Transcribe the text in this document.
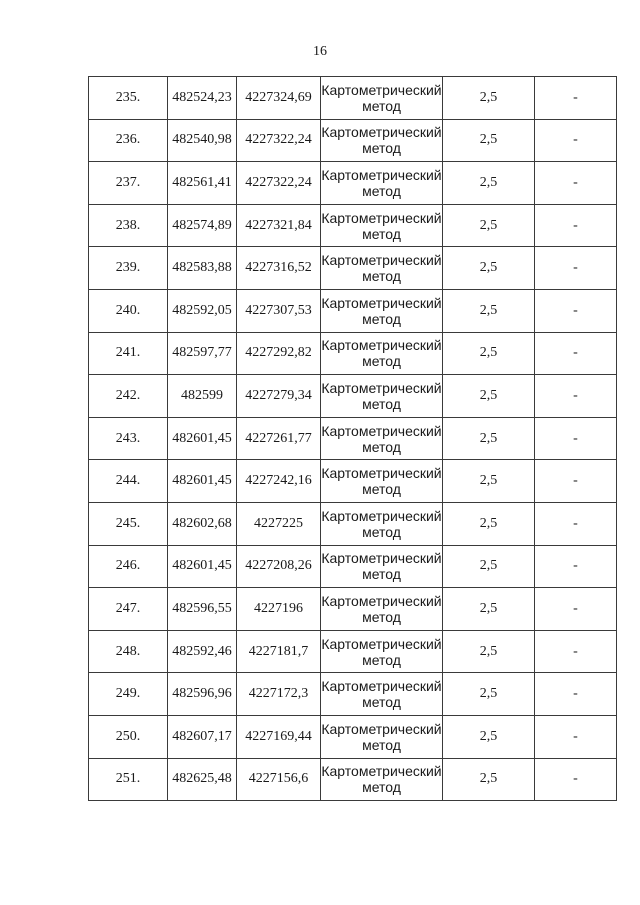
16
235.	482524,23	4227324,69	Картометрический метод	2,5	-
236.	482540,98	4227322,24	Картометрический метод	2,5	-
237.	482561,41	4227322,24	Картометрический метод	2,5	-
238.	482574,89	4227321,84	Картометрический метод	2,5	-
239.	482583,88	4227316,52	Картометрический метод	2,5	-
240.	482592,05	4227307,53	Картометрический метод	2,5	-
241.	482597,77	4227292,82	Картометрический метод	2,5	-
242.	482599	4227279,34	Картометрический метод	2,5	-
243.	482601,45	4227261,77	Картометрический метод	2,5	-
244.	482601,45	4227242,16	Картометрический метод	2,5	-
245.	482602,68	4227225	Картометрический метод	2,5	-
246.	482601,45	4227208,26	Картометрический метод	2,5	-
247.	482596,55	4227196	Картометрический метод	2,5	-
248.	482592,46	4227181,7	Картометрический метод	2,5	-
249.	482596,96	4227172,3	Картометрический метод	2,5	-
250.	482607,17	4227169,44	Картометрический метод	2,5	-
251.	482625,48	4227156,6	Картометрический метод	2,5	-
